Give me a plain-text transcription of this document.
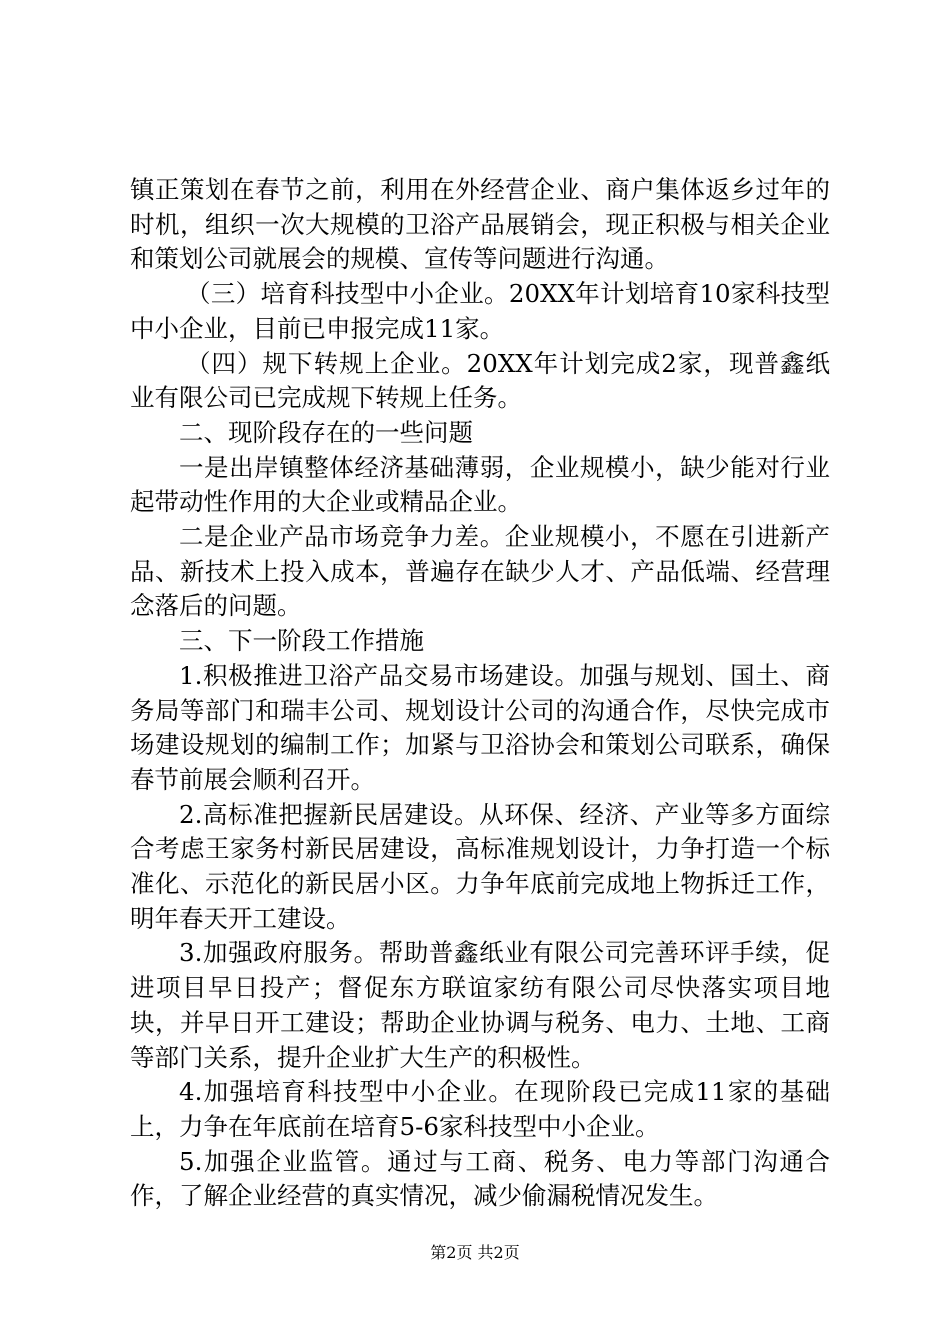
镇正策划在春节之前，利用在外经营企业、商户集体返乡过年的时机，组织一次大规模的卫浴产品展销会，现正积极与相关企业和策划公司就展会的规模、宣传等问题进行沟通。

（三）培育科技型中小企业。20XX年计划培育10家科技型中小企业，目前已申报完成11家。

（四）规下转规上企业。20XX年计划完成2家，现普鑫纸业有限公司已完成规下转规上任务。

二、现阶段存在的一些问题

一是出岸镇整体经济基础薄弱，企业规模小，缺少能对行业起带动性作用的大企业或精品企业。

二是企业产品市场竞争力差。企业规模小，不愿在引进新产品、新技术上投入成本，普遍存在缺少人才、产品低端、经营理念落后的问题。

三、下一阶段工作措施

1.积极推进卫浴产品交易市场建设。加强与规划、国土、商务局等部门和瑞丰公司、规划设计公司的沟通合作，尽快完成市场建设规划的编制工作；加紧与卫浴协会和策划公司联系，确保春节前展会顺利召开。

2.高标准把握新民居建设。从环保、经济、产业等多方面综合考虑王家务村新民居建设，高标准规划设计，力争打造一个标准化、示范化的新民居小区。力争年底前完成地上物拆迁工作，明年春天开工建设。

3.加强政府服务。帮助普鑫纸业有限公司完善环评手续，促进项目早日投产；督促东方联谊家纺有限公司尽快落实项目地块，并早日开工建设；帮助企业协调与税务、电力、土地、工商等部门关系，提升企业扩大生产的积极性。

4.加强培育科技型中小企业。在现阶段已完成11家的基础上，力争在年底前在培育5-6家科技型中小企业。

5.加强企业监管。通过与工商、税务、电力等部门沟通合作，了解企业经营的真实情况，减少偷漏税情况发生。

第2页 共2页
